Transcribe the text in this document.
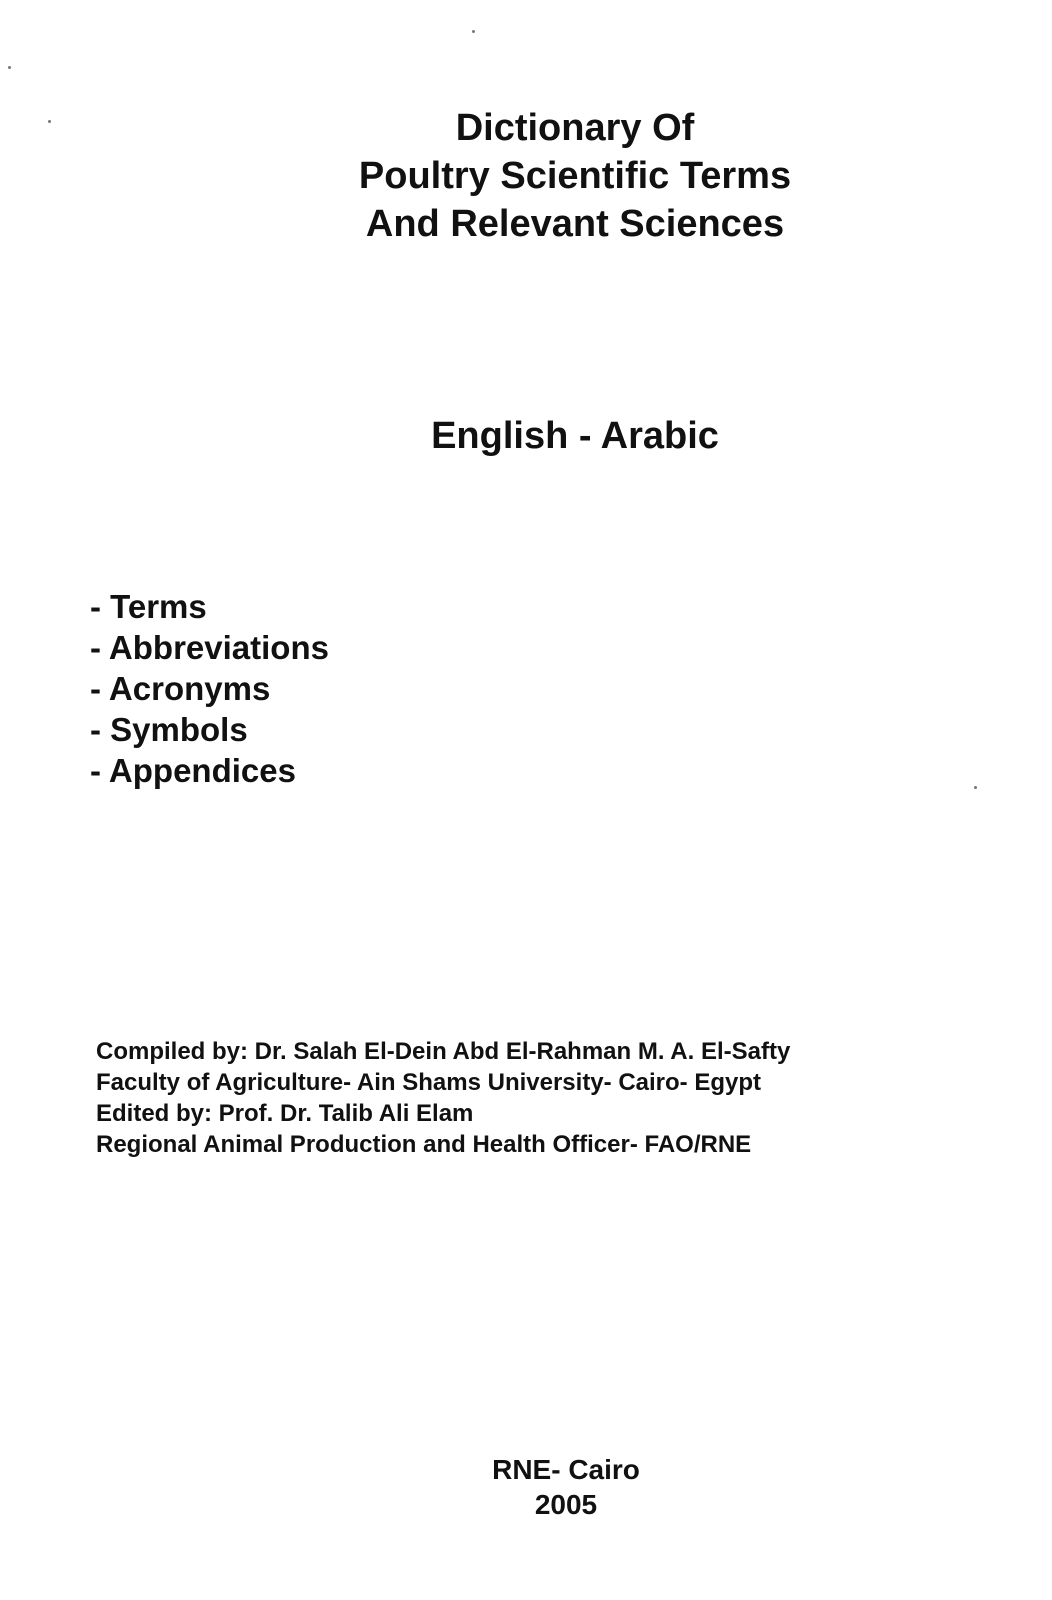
Dictionary Of
Poultry Scientific Terms
And Relevant Sciences
English - Arabic
- Terms
- Abbreviations
- Acronyms
- Symbols
- Appendices
Compiled by: Dr. Salah El-Dein Abd El-Rahman M. A. El-Safty
Faculty of Agriculture- Ain Shams University- Cairo- Egypt
Edited by: Prof. Dr. Talib Ali Elam
Regional Animal Production and Health Officer- FAO/RNE
RNE- Cairo
2005
